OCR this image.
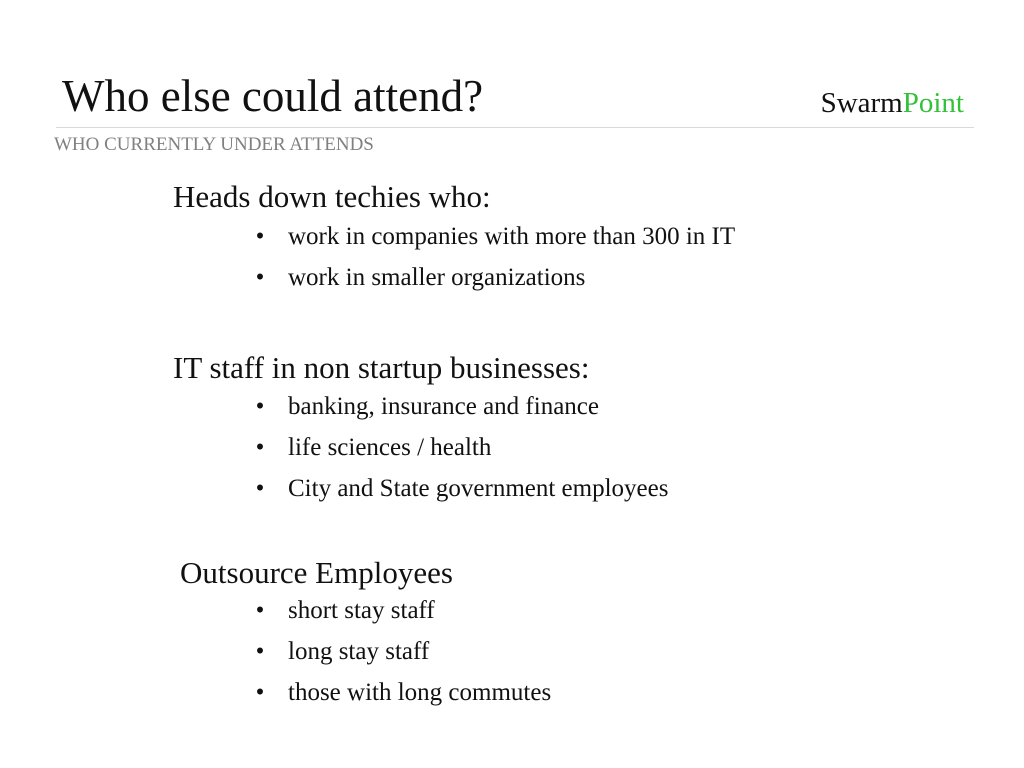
Who else could attend?	SwarmPoint
WHO CURRENTLY UNDER ATTENDS
Heads down techies who:
• work in companies with more than 300 in IT
• work in smaller organizations
IT staff in non startup businesses:
• banking, insurance and finance
• life sciences / health
• City and State government employees
Outsource Employees
• short stay staff
• long stay staff
• those with long commutes
